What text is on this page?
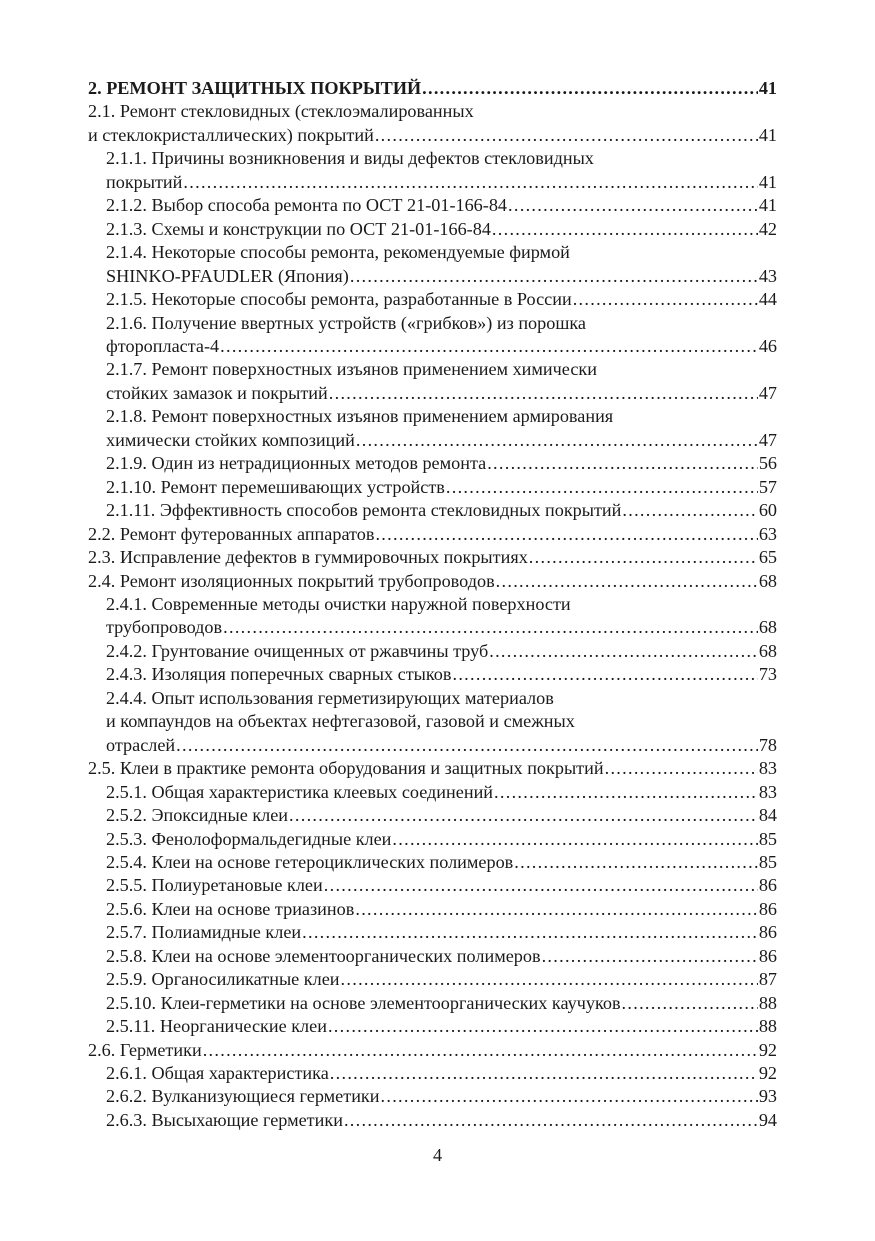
2. РЕМОНТ ЗАЩИТНЫХ ПОКРЫТИЙ .....	41
2.1. Ремонт стекловидных (стеклоэмалированных
и стеклокристаллических) покрытий .....	41
2.1.1. Причины возникновения и виды дефектов стекловидных
покрытий .....	41
2.1.2. Выбор способа ремонта по ОСТ 21-01-166-84 .....	41
2.1.3. Схемы и конструкции по ОСТ 21-01-166-84 .....	42
2.1.4. Некоторые способы ремонта, рекомендуемые фирмой
SHINKO-PFAUDLER (Япония) .....	43
2.1.5. Некоторые способы ремонта, разработанные в России .....	44
2.1.6. Получение ввертных устройств («грибков») из порошка
фторопласта-4 .....	46
2.1.7. Ремонт поверхностных изъянов применением химически
стойких замазок и покрытий .....	47
2.1.8. Ремонт поверхностных изъянов применением армирования
химически стойких композиций .....	47
2.1.9. Один из нетрадиционных методов ремонта .....	56
2.1.10. Ремонт перемешивающих устройств .....	57
2.1.11. Эффективность способов ремонта стекловидных покрытий .....	60
2.2. Ремонт футерованных аппаратов .....	63
2.3. Исправление дефектов в гуммировочных покрытиях .....	65
2.4. Ремонт изоляционных покрытий трубопроводов .....	68
2.4.1. Современные методы очистки наружной поверхности
трубопроводов .....	68
2.4.2. Грунтование очищенных от ржавчины труб .....	68
2.4.3. Изоляция поперечных сварных стыков .....	73
2.4.4. Опыт использования герметизирующих материалов
и компаундов на объектах нефтегазовой, газовой и смежных
отраслей .....	78
2.5. Клеи в практике ремонта оборудования и защитных покрытий .....	83
2.5.1. Общая характеристика клеевых соединений .....	83
2.5.2. Эпоксидные клеи .....	84
2.5.3. Фенолоформальдегидные клеи .....	85
2.5.4. Клеи на основе гетероциклических полимеров .....	85
2.5.5. Полиуретановые клеи .....	86
2.5.6. Клеи на основе триазинов .....	86
2.5.7. Полиамидные клеи .....	86
2.5.8. Клеи на основе элементоорганических полимеров .....	86
2.5.9. Органосиликатные клеи .....	87
2.5.10. Клеи-герметики на основе элементоорганических каучуков .....	88
2.5.11. Неорганические клеи .....	88
2.6. Герметики .....	92
2.6.1. Общая характеристика .....	92
2.6.2. Вулканизующиеся герметики .....	93
2.6.3. Высыхающие герметики .....	94
4
